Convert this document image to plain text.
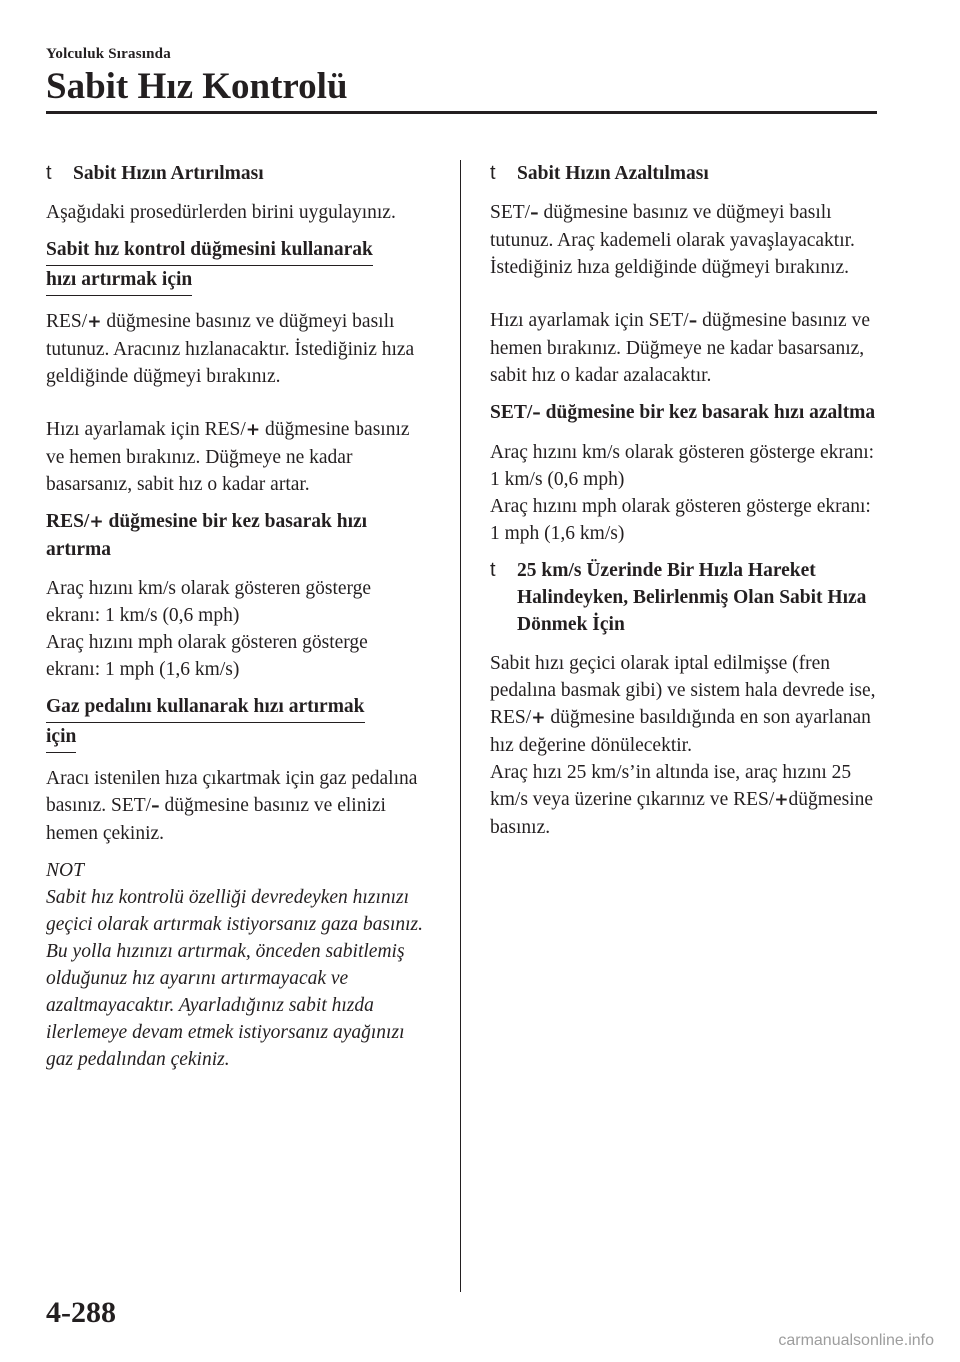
Yolculuk Sırasında
Sabit Hız Kontrolü
t Sabit Hızın Artırılması

Aşağıdaki prosedürlerden birini uygulayınız.

Sabit hız kontrol düğmesini kullanarak
hızı artırmak için

RES/+ düğmesine basınız ve düğmeyi basılı tutunuz. Aracınız hızlanacaktır. İstediğiniz hıza geldiğinde düğmeyi bırakınız.

Hızı ayarlamak için RES/+ düğmesine basınız ve hemen bırakınız. Düğmeye ne kadar basarsanız, sabit hız o kadar artar.

RES/+ düğmesine bir kez basarak hızı artırma

Araç hızını km/s olarak gösteren gösterge ekranı: 1 km/s (0,6 mph)

Araç hızını mph olarak gösteren gösterge ekranı: 1 mph (1,6 km/s)

Gaz pedalını kullanarak hızı artırmak
için

Aracı istenilen hıza çıkartmak için gaz pedalına basınız. SET/– düğmesine basınız ve elinizi hemen çekiniz.

NOT
Sabit hız kontrolü özelliği devredeyken hızınızı geçici olarak artırmak istiyorsanız gaza basınız. Bu yolla hızınızı artırmak, önceden sabitlemiş olduğunuz hız ayarını artırmayacak ve azaltmayacaktır. Ayarladığınız sabit hızda ilerlemeye devam etmek istiyorsanız ayağınızı gaz pedalından çekiniz.
t Sabit Hızın Azaltılması

SET/– düğmesine basınız ve düğmeyi basılı tutunuz. Araç kademeli olarak yavaşlayacaktır. İstediğiniz hıza geldiğinde düğmeyi bırakınız.

Hızı ayarlamak için SET/– düğmesine basınız ve hemen bırakınız. Düğmeye ne kadar basarsanız, sabit hız o kadar azalacaktır.

SET/– düğmesine bir kez basarak hızı azaltma

Araç hızını km/s olarak gösteren gösterge ekranı: 1 km/s (0,6 mph)

Araç hızını mph olarak gösteren gösterge ekranı: 1 mph (1,6 km/s)

t 25 km/s Üzerinde Bir Hızla Hareket Halindeyken, Belirlenmiş Olan Sabit Hıza Dönmek İçin

Sabit hızı geçici olarak iptal edilmişse (fren pedalına basmak gibi) ve sistem hala devrede ise, RES/+ düğmesine basıldığında en son ayarlanan hız değerine dönülecektir.

Araç hızı 25 km/s’in altında ise, araç hızını 25 km/s veya üzerine çıkarınız ve RES/+düğmesine basınız.

4-288
carmanualsonline.info
